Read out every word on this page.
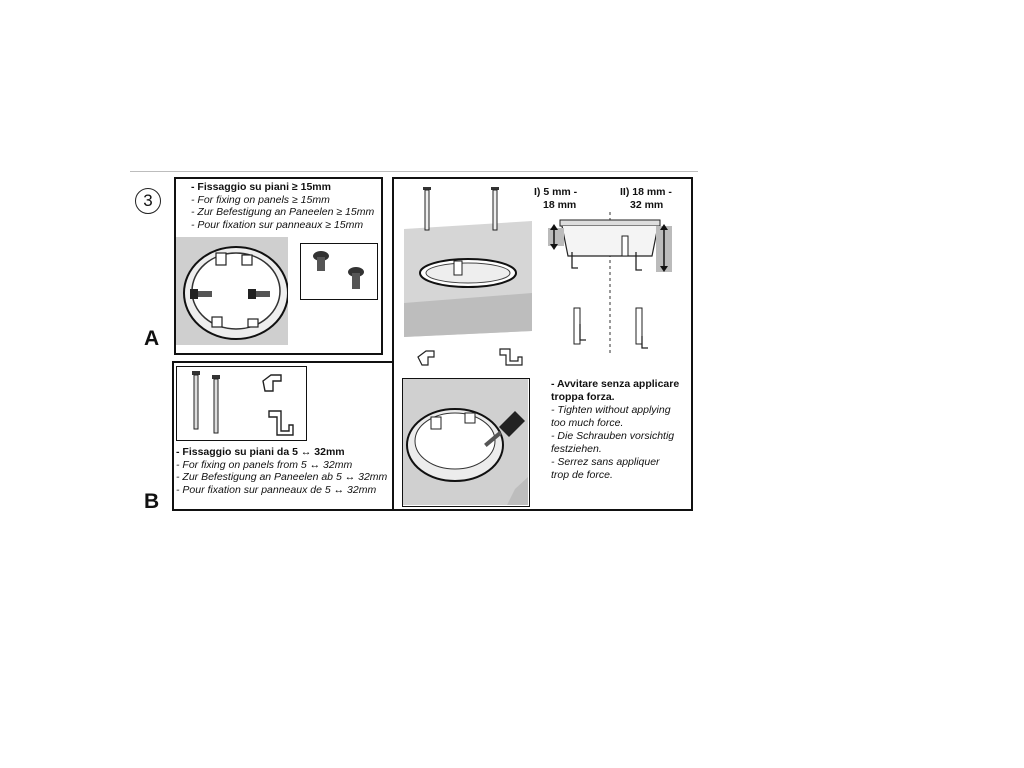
3
A
B
- Fissaggio su piani ≥ 15mm
- For fixing on panels ≥ 15mm
- Zur Befestigung an Paneelen ≥ 15mm
- Pour fixation sur panneaux ≥ 15mm
- Fissaggio su piani da 5 ↔ 32mm
- For fixing on panels from 5 ↔ 32mm
- Zur Befestigung an Paneelen ab 5 ↔ 32mm
- Pour fixation sur panneaux de 5 ↔ 32mm
I) 5 mm -
18 mm
II) 18 mm -
32 mm
- Avvitare senza applicare
troppa forza.
- Tighten without applying
too much force.
- Die Schrauben vorsichtig
festziehen.
- Serrez sans appliquer
trop de force.
